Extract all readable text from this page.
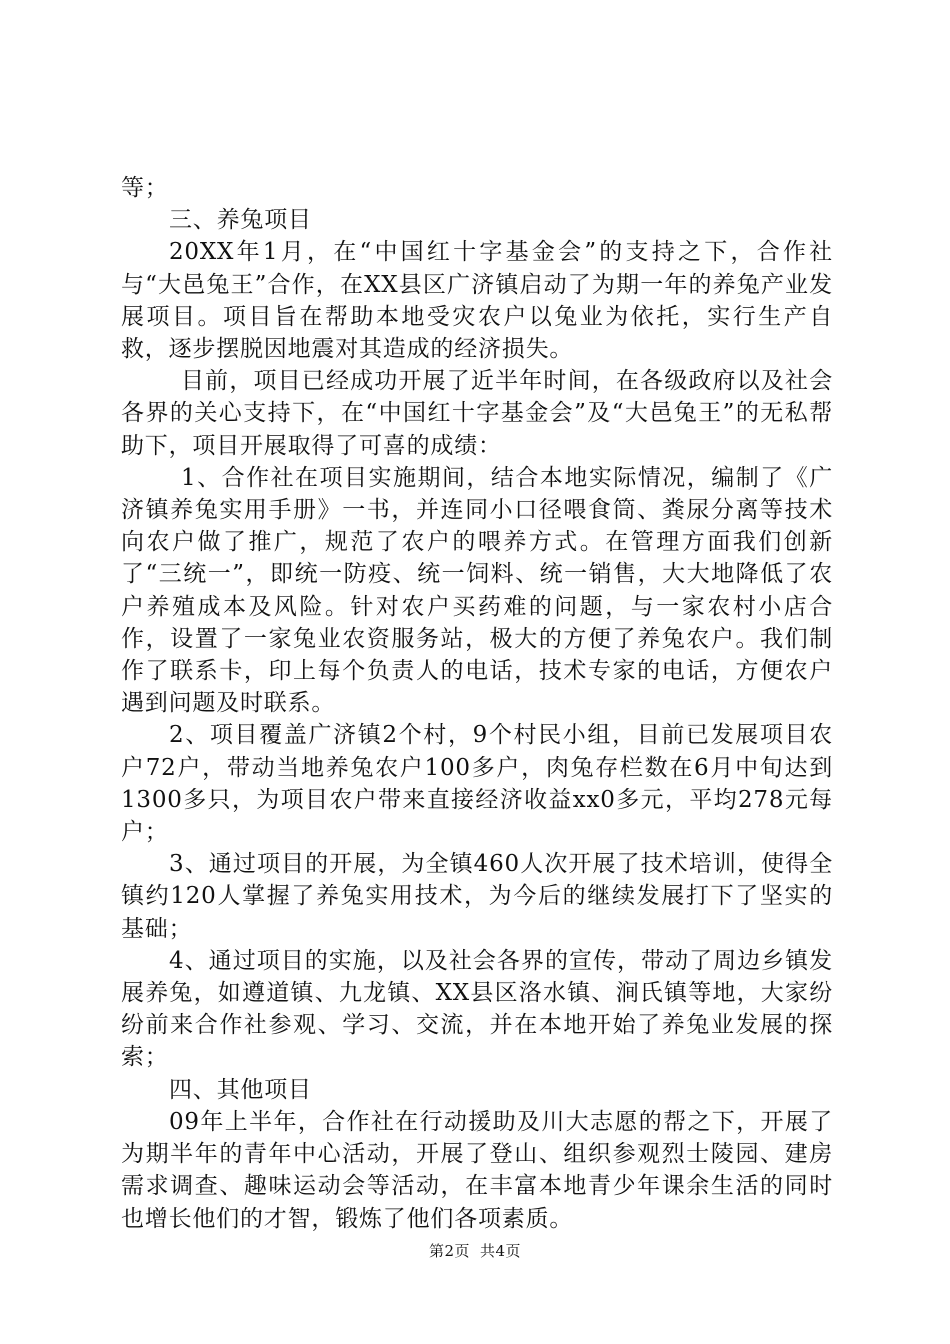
等；

三、养兔项目

20XX年1月，在“中国红十字基金会”的支持之下，合作社与“大邑兔王”合作，在XX县区广济镇启动了为期一年的养兔产业发展项目。项目旨在帮助本地受灾农户以兔业为依托，实行生产自救，逐步摆脱因地震对其造成的经济损失。

目前，项目已经成功开展了近半年时间，在各级政府以及社会各界的关心支持下，在“中国红十字基金会”及“大邑兔王”的无私帮助下，项目开展取得了可喜的成绩：

1、合作社在项目实施期间，结合本地实际情况，编制了《广济镇养兔实用手册》一书，并连同小口径喂食筒、粪尿分离等技术向农户做了推广，规范了农户的喂养方式。在管理方面我们创新了“三统一”，即统一防疫、统一饲料、统一销售，大大地降低了农户养殖成本及风险。针对农户买药难的问题，与一家农村小店合作，设置了一家兔业农资服务站，极大的方便了养兔农户。我们制作了联系卡，印上每个负责人的电话，技术专家的电话，方便农户遇到问题及时联系。

2、项目覆盖广济镇2个村，9个村民小组，目前已发展项目农户72户，带动当地养兔农户100多户，肉兔存栏数在6月中旬达到1300多只，为项目农户带来直接经济收益xx0多元，平均278元每户；

3、通过项目的开展，为全镇460人次开展了技术培训，使得全镇约120人掌握了养兔实用技术，为今后的继续发展打下了坚实的基础；

4、通过项目的实施，以及社会各界的宣传，带动了周边乡镇发展养兔，如遵道镇、九龙镇、XX县区洛水镇、涧氏镇等地，大家纷纷前来合作社参观、学习、交流，并在本地开始了养兔业发展的探索；

四、其他项目

09年上半年，合作社在行动援助及川大志愿的帮之下，开展了为期半年的青年中心活动，开展了登山、组织参观烈士陵园、建房需求调查、趣味运动会等活动，在丰富本地青少年课余生活的同时也增长他们的才智，锻炼了他们各项素质。

第2页 共4页
